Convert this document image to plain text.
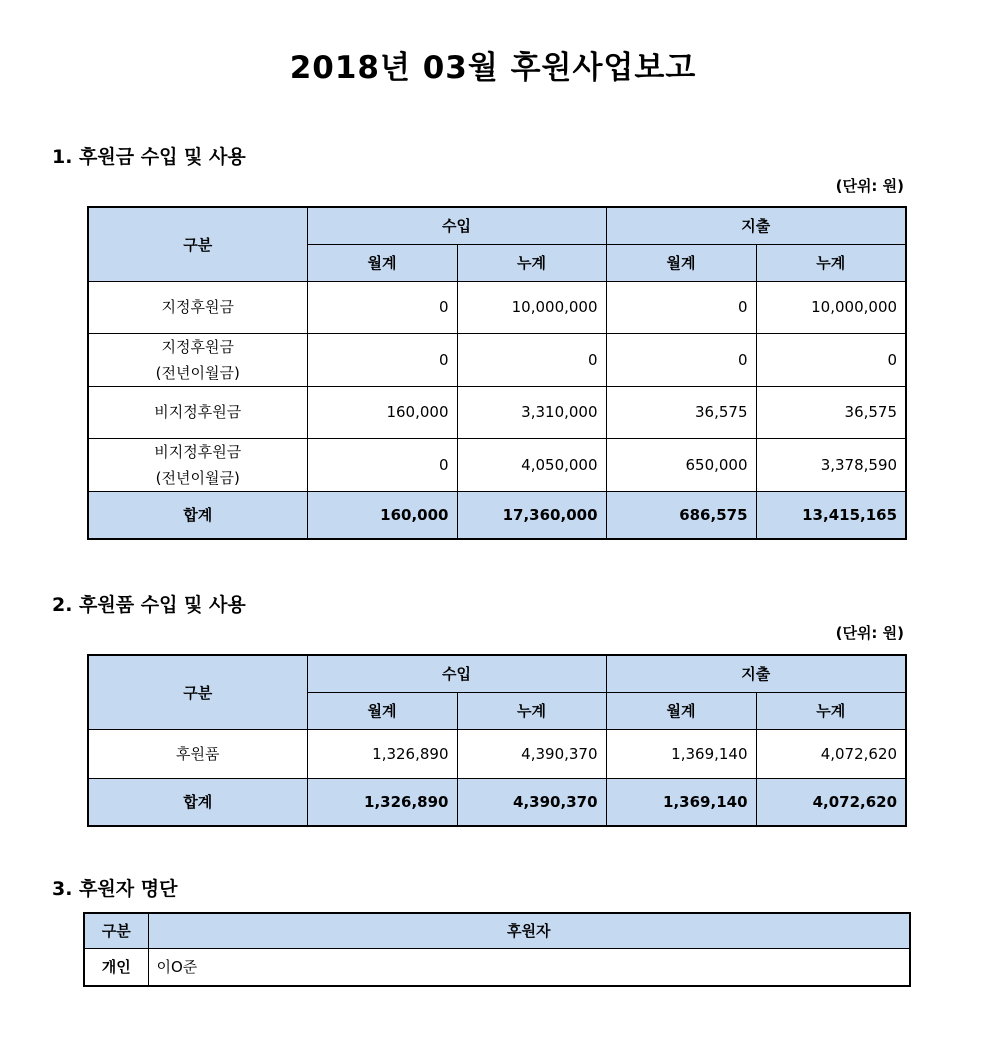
2018년 03월 후원사업보고
1. 후원금 수입 및 사용
(단위: 원)
구분	수입		지출	
	월계	누계	월계	누계
지정후원금	0	10,000,000	0	10,000,000
지정후원금
(전년이월금)	0	0	0	0
비지정후원금	160,000	3,310,000	36,575	36,575
비지정후원금
(전년이월금)	0	4,050,000	650,000	3,378,590
합계	160,000	17,360,000	686,575	13,415,165
2. 후원품 수입 및 사용
(단위: 원)
구분	수입		지출	
	월계	누계	월계	누계
후원품	1,326,890	4,390,370	1,369,140	4,072,620
합계	1,326,890	4,390,370	1,369,140	4,072,620
3. 후원자 명단
구분	후원자
개인	이O준
